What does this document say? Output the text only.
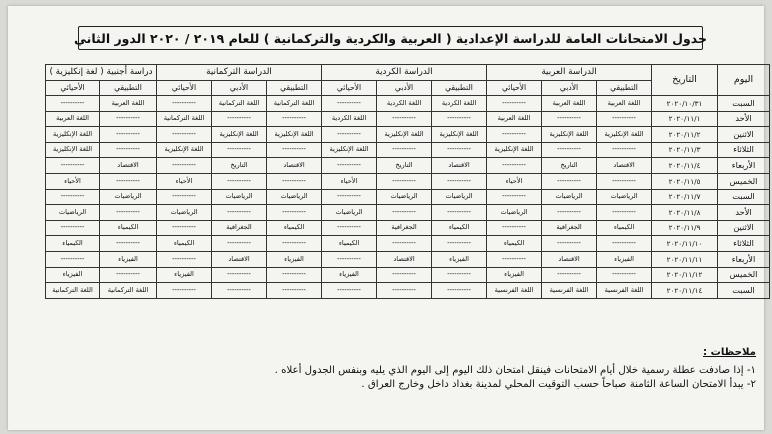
جدول الامتحانات العامة للدراسة الإعدادية ( العربية والكردية والتركمانية ) للعام ٢٠١٩ / ٢٠٢٠ الدور الثاني
اليوم	التاريخ	الدراسة العربية			الدراسة الكردية			الدراسة التركمانية			دراسة أجنبية ( لغة إنكليزية )	
		التطبيقي	الأدبي	الأحيائي	التطبيقي	الأدبي	الأحيائي	التطبيقي	الأدبي	الأحيائي	التطبيقي	الأحيائي
السبت	٢٠٢٠/١٠/٣١	اللغة العربية	اللغة العربية	----------	اللغة الكردية	اللغة الكردية	----------	اللغة التركمانية	اللغة التركمانية	----------	اللغة العربية	----------
الأحد	٢٠٢٠/١١/١	----------	----------	اللغة العربية	----------	----------	اللغة الكردية	----------	----------	اللغة التركمانية	----------	اللغة العربية
الاثنين	٢٠٢٠/١١/٢	اللغة الإنكليزية	اللغة الإنكليزية	----------	اللغة الإنكليزية	اللغة الإنكليزية	----------	اللغة الإنكليزية	اللغة الإنكليزية	----------	----------	اللغة الإنكليزية
الثلاثاء	٢٠٢٠/١١/٣	----------	----------	اللغة الإنكليزية	----------	----------	اللغة الإنكليزية	----------	----------	اللغة الإنكليزية	----------	اللغة الإنكليزية
الأربعاء	٢٠٢٠/١١/٤	الاقتصاد	التاريخ	----------	الاقتصاد	التاريخ	----------	الاقتصاد	التاريخ	----------	الاقتصاد	----------
الخميس	٢٠٢٠/١١/٥	----------	----------	الأحياء	----------	----------	الأحياء	----------	----------	الأحياء	----------	الأحياء
السبت	٢٠٢٠/١١/٧	الرياضيات	الرياضيات	----------	الرياضيات	الرياضيات	----------	الرياضيات	الرياضيات	----------	الرياضيات	----------
الأحد	٢٠٢٠/١١/٨	----------	----------	الرياضيات	----------	----------	الرياضيات	----------	----------	الرياضيات	----------	الرياضيات
الاثنين	٢٠٢٠/١١/٩	الكيمياء	الجغرافية	----------	الكيمياء	الجغرافية	----------	الكيمياء	الجغرافية	----------	الكيمياء	----------
الثلاثاء	٢٠٢٠/١١/١٠	----------	----------	الكيمياء	----------	----------	الكيمياء	----------	----------	الكيمياء	----------	الكيمياء
الأربعاء	٢٠٢٠/١١/١١	الفيزياء	الاقتصاد	----------	الفيزياء	الاقتصاد	----------	الفيزياء	الاقتصاد	----------	الفيزياء	----------
الخميس	٢٠٢٠/١١/١٢	----------	----------	الفيزياء	----------	----------	الفيزياء	----------	----------	الفيزياء	----------	الفيزياء
السبت	٢٠٢٠/١١/١٤	اللغة الفرنسية	اللغة الفرنسية	اللغة الفرنسية	----------	----------	----------	----------	----------	----------	اللغة التركمانية	اللغة التركمانية
ملاحظات :
١- إذا صادفت عطلة رسمية خلال أيام الامتحانات فينقل امتحان ذلك اليوم إلى اليوم الذي يليه وبنفس الجدول أعلاه .
٢- يبدأ الامتحان الساعة الثامنة صباحاً حسب التوقيت المحلي لمدينة بغداد داخل وخارج العراق .
